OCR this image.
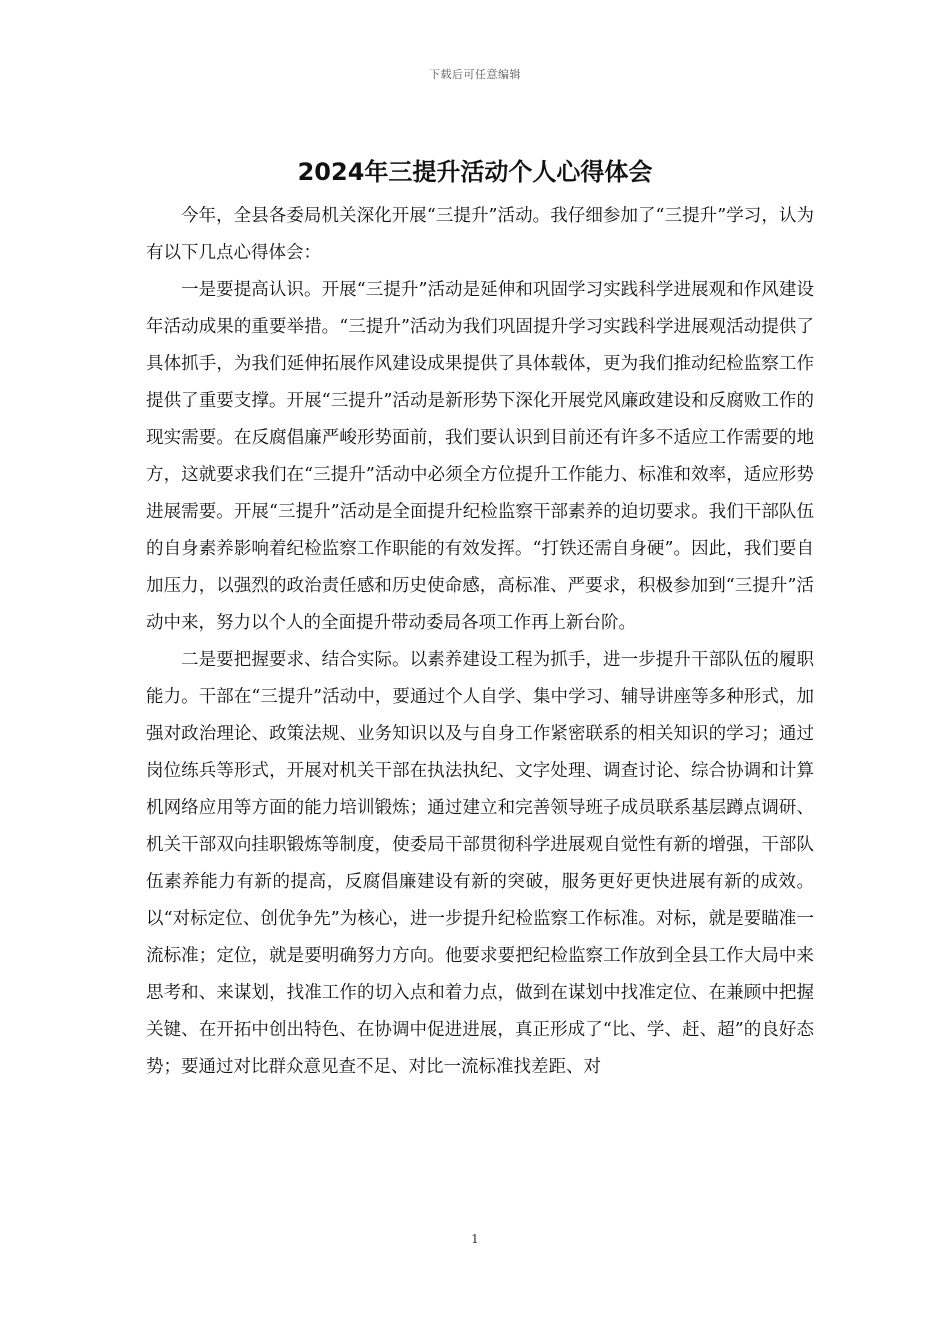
下载后可任意编辑
2024年三提升活动个人心得体会

今年，全县各委局机关深化开展“三提升”活动。我仔细参加了“三提升”学习，认为有以下几点心得体会：

一是要提高认识。开展“三提升”活动是延伸和巩固学习实践科学进展观和作风建设年活动成果的重要举措。“三提升”活动为我们巩固提升学习实践科学进展观活动提供了具体抓手，为我们延伸拓展作风建设成果提供了具体载体，更为我们推动纪检监察工作提供了重要支撑。开展“三提升”活动是新形势下深化开展党风廉政建设和反腐败工作的现实需要。在反腐倡廉严峻形势面前，我们要认识到目前还有许多不适应工作需要的地方，这就要求我们在“三提升”活动中必须全方位提升工作能力、标准和效率，适应形势进展需要。开展“三提升”活动是全面提升纪检监察干部素养的迫切要求。我们干部队伍的自身素养影响着纪检监察工作职能的有效发挥。“打铁还需自身硬”。因此，我们要自加压力，以强烈的政治责任感和历史使命感，高标准、严要求，积极参加到“三提升”活动中来，努力以个人的全面提升带动委局各项工作再上新台阶。

二是要把握要求、结合实际。以素养建设工程为抓手，进一步提升干部队伍的履职能力。干部在“三提升”活动中，要通过个人自学、集中学习、辅导讲座等多种形式，加强对政治理论、政策法规、业务知识以及与自身工作紧密联系的相关知识的学习；通过岗位练兵等形式，开展对机关干部在执法执纪、文字处理、调查讨论、综合协调和计算机网络应用等方面的能力培训锻炼；通过建立和完善领导班子成员联系基层蹲点调研、机关干部双向挂职锻炼等制度，使委局干部贯彻科学进展观自觉性有新的增强，干部队伍素养能力有新的提高，反腐倡廉建设有新的突破，服务更好更快进展有新的成效。以“对标定位、创优争先”为核心，进一步提升纪检监察工作标准。对标，就是要瞄准一流标准；定位，就是要明确努力方向。他要求要把纪检监察工作放到全县工作大局中来思考和、来谋划，找准工作的切入点和着力点，做到在谋划中找准定位、在兼顾中把握关键、在开拓中创出特色、在协调中促进进展，真正形成了“比、学、赶、超”的良好态势；要通过对比群众意见查不足、对比一流标准找差距、对

1
